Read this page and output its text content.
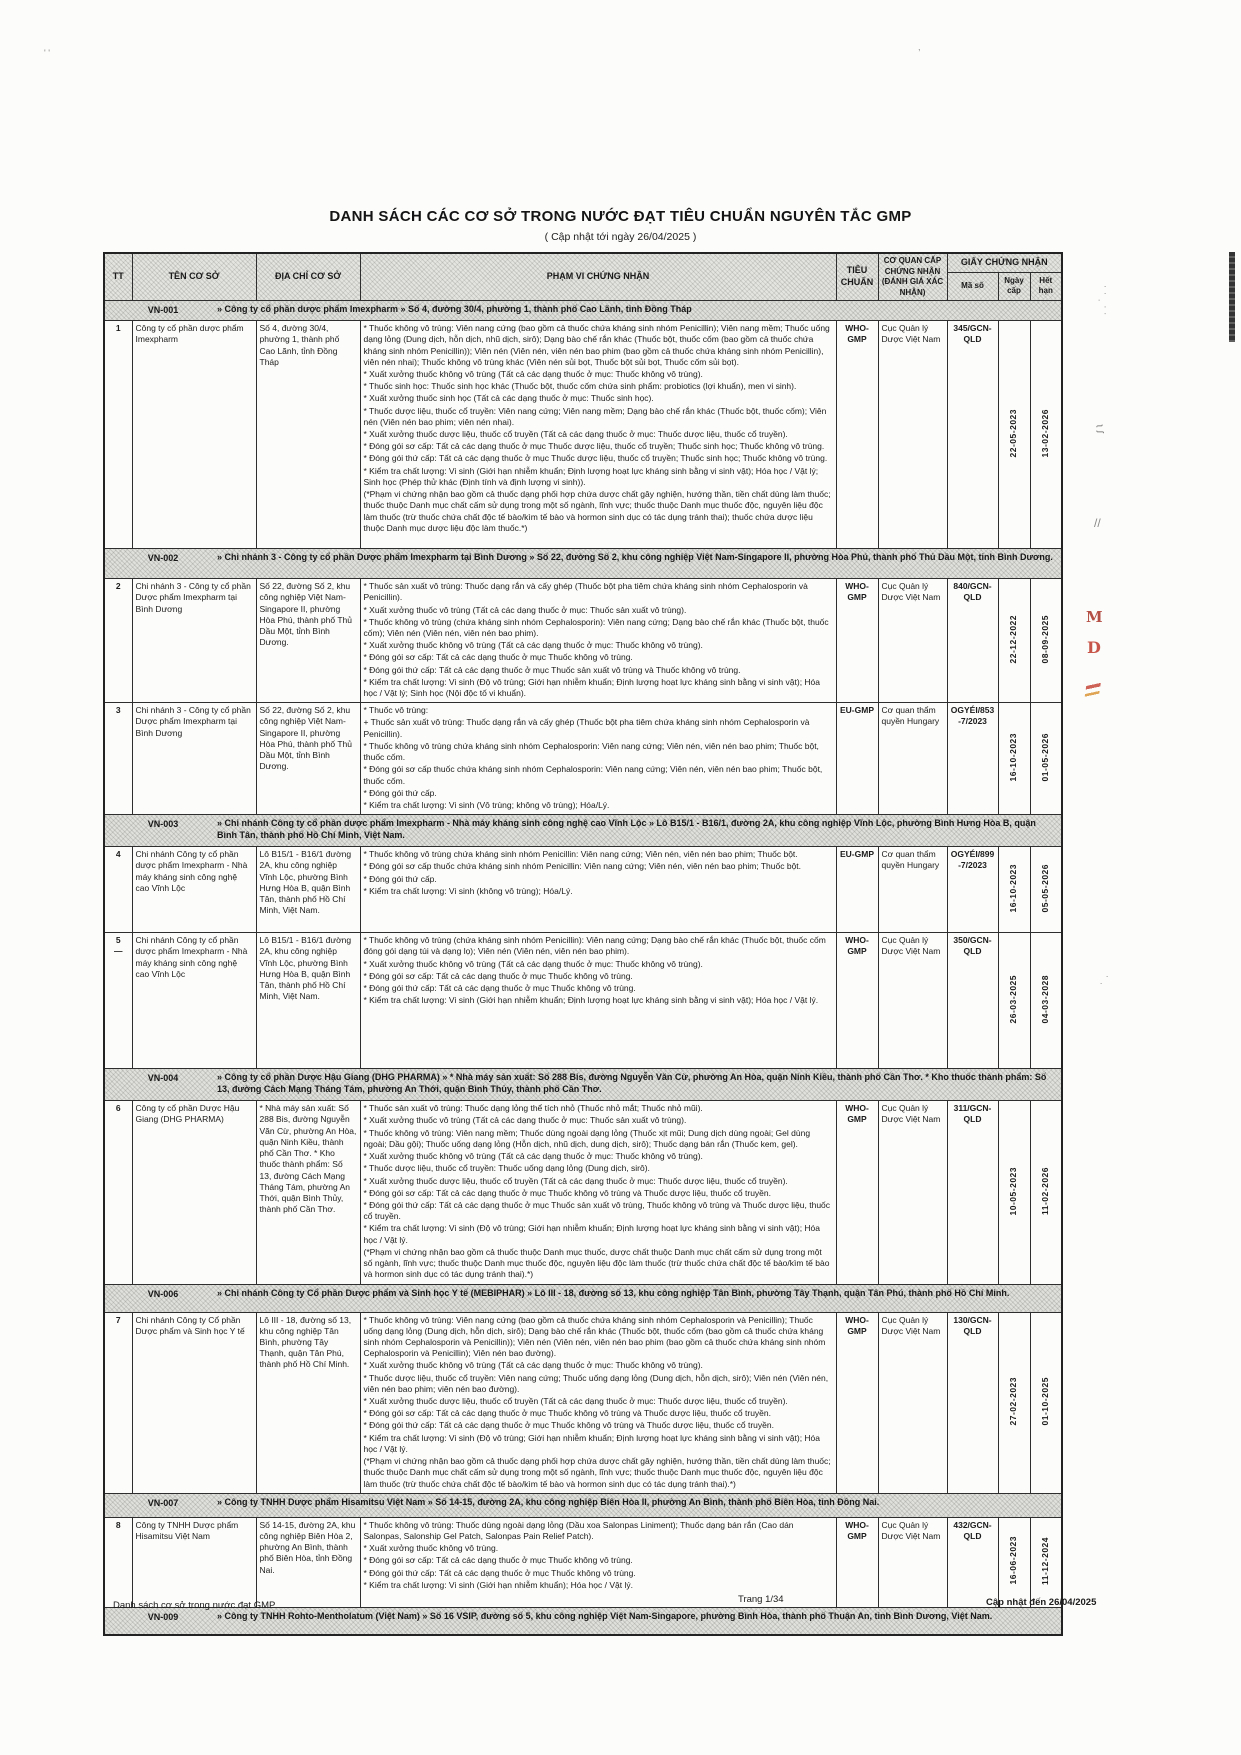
DANH SÁCH CÁC CƠ SỞ TRONG NƯỚC ĐẠT TIÊU CHUẨN NGUYÊN TẮC GMP
( Cập nhật tới ngày 26/04/2025 )
TT	TÊN CƠ SỞ	ĐỊA CHỈ CƠ SỞ	PHẠM VI CHỨNG NHẬN	TIÊU CHUẨN	CƠ QUAN CẤP CHỨNG NHẬN (ĐÁNH GIÁ XÁC NHẬN)	GIẤY CHỨNG NHẬN		
						Mã số	Ngày cấp	Hết hạn

VN-001 » Công ty cổ phần dược phẩm Imexpharm » Số 4, đường 30/4, phường 1, thành phố Cao Lãnh, tỉnh Đồng Tháp								

1	Công ty cổ phần dược phẩm Imexpharm	Số 4, đường 30/4, phường 1, thành phố Cao Lãnh, tỉnh Đồng Tháp	
* Thuốc không vô trùng: Viên nang cứng (bao gồm cả thuốc chứa kháng sinh nhóm Penicillin); Viên nang mềm; Thuốc uống dạng lỏng (Dung dịch, hỗn dịch, nhũ dịch, sirô); Dạng bào chế rắn khác (Thuốc bột, thuốc cốm (bao gồm cả thuốc chứa kháng sinh nhóm Penicillin)); Viên nén (Viên nén, viên nén bao phim (bao gồm cả thuốc chứa kháng sinh nhóm Penicillin), viên nén nhai); Thuốc không vô trùng khác (Viên nén sủi bọt, Thuốc bột sủi bọt, Thuốc cốm sủi bọt).
* Xuất xưởng thuốc không vô trùng (Tất cả các dạng thuốc ở mục: Thuốc không vô trùng).
* Thuốc sinh học: Thuốc sinh học khác (Thuốc bột, thuốc cốm chứa sinh phẩm: probiotics (lợi khuẩn), men vi sinh).
* Xuất xưởng thuốc sinh học (Tất cả các dạng thuốc ở mục: Thuốc sinh học).
* Thuốc dược liệu, thuốc cổ truyền: Viên nang cứng; Viên nang mềm; Dạng bào chế rắn khác (Thuốc bột, thuốc cốm); Viên nén (Viên nén bao phim; viên nén nhai).
* Xuất xưởng thuốc dược liệu, thuốc cổ truyền (Tất cả các dạng thuốc ở mục: Thuốc dược liệu, thuốc cổ truyền).
* Đóng gói sơ cấp: Tất cả các dạng thuốc ở mục Thuốc dược liệu, thuốc cổ truyền; Thuốc sinh học; Thuốc không vô trùng.
* Đóng gói thứ cấp: Tất cả các dạng thuốc ở mục Thuốc dược liệu, thuốc cổ truyền; Thuốc sinh học; Thuốc không vô trùng.
* Kiểm tra chất lượng: Vi sinh (Giới hạn nhiễm khuẩn; Định lượng hoạt lực kháng sinh bằng vi sinh vật); Hóa học / Vật lý; Sinh học (Phép thử khác (Định tính và định lượng vi sinh)).
(*Phạm vi chứng nhận bao gồm cả thuốc dạng phối hợp chứa dược chất gây nghiện, hướng thần, tiền chất dùng làm thuốc; thuốc thuộc Danh mục chất cấm sử dụng trong một số ngành, lĩnh vực; thuốc thuộc Danh mục thuốc độc, nguyên liệu độc làm thuốc (trừ thuốc chứa chất độc tế bào/kìm tế bào và hormon sinh dục có tác dụng tránh thai); thuốc chứa dược liệu thuộc Danh mục dược liệu độc làm thuốc.*)
	WHO-GMP	Cục Quản lý Dược Việt Nam	345/GCN-QLD	22-05-2023	13-02-2026

VN-002 » Chi nhánh 3 - Công ty cổ phần Dược phẩm Imexpharm tại Bình Dương » Số 22, đường Số 2, khu công nghiệp Việt Nam-Singapore II, phường Hòa Phú, thành phố Thủ Dầu Một, tỉnh Bình Dương.								

2	Chi nhánh 3 - Công ty cổ phần Dược phẩm Imexpharm tại Bình Dương	Số 22, đường Số 2, khu công nghiệp Việt Nam-Singapore II, phường Hòa Phú, thành phố Thủ Dầu Một, tỉnh Bình Dương.	
* Thuốc sản xuất vô trùng: Thuốc dạng rắn và cấy ghép (Thuốc bột pha tiêm chứa kháng sinh nhóm Cephalosporin và Penicillin).
* Xuất xưởng thuốc vô trùng (Tất cả các dạng thuốc ở mục: Thuốc sản xuất vô trùng).
* Thuốc không vô trùng (chứa kháng sinh nhóm Cephalosporin): Viên nang cứng; Dạng bào chế rắn khác (Thuốc bột, thuốc cốm); Viên nén (Viên nén, viên nén bao phim).
* Xuất xưởng thuốc không vô trùng (Tất cả các dạng thuốc ở mục: Thuốc không vô trùng).
* Đóng gói sơ cấp: Tất cả các dạng thuốc ở mục Thuốc không vô trùng.
* Đóng gói thứ cấp: Tất cả các dạng thuốc ở mục Thuốc sản xuất vô trùng và Thuốc không vô trùng.
* Kiểm tra chất lượng: Vi sinh (Độ vô trùng; Giới hạn nhiễm khuẩn; Định lượng hoạt lực kháng sinh bằng vi sinh vật); Hóa học / Vật lý; Sinh học (Nội độc tố vi khuẩn).
	WHO-GMP	Cục Quản lý Dược Việt Nam	840/GCN-QLD	22-12-2022	08-09-2025
3	Chi nhánh 3 - Công ty cổ phần Dược phẩm Imexpharm tại Bình Dương	Số 22, đường Số 2, khu công nghiệp Việt Nam-Singapore II, phường Hòa Phú, thành phố Thủ Dầu Một, tỉnh Bình Dương.	
* Thuốc vô trùng:
+ Thuốc sản xuất vô trùng: Thuốc dạng rắn và cấy ghép (Thuốc bột pha tiêm chứa kháng sinh nhóm Cephalosporin và Penicillin).
* Thuốc không vô trùng chứa kháng sinh nhóm Cephalosporin: Viên nang cứng; Viên nén, viên nén bao phim; Thuốc bột, thuốc cốm.
* Đóng gói sơ cấp thuốc chứa kháng sinh nhóm Cephalosporin: Viên nang cứng; Viên nén, viên nén bao phim; Thuốc bột, thuốc cốm.
* Đóng gói thứ cấp.
* Kiểm tra chất lượng: Vi sinh (Vô trùng; không vô trùng); Hóa/Lý.
	EU-GMP	Cơ quan thẩm quyền Hungary	OGYÉI/853-7/2023	16-10-2023	01-05-2026

VN-003 » Chi nhánh Công ty cổ phần dược phẩm Imexpharm - Nhà máy kháng sinh công nghệ cao Vĩnh Lộc » Lô B15/1 - B16/1, đường 2A, khu công nghiệp Vĩnh Lộc, phường Bình Hưng Hòa B, quận Bình Tân, thành phố Hồ Chí Minh, Việt Nam.								

4	Chi nhánh Công ty cổ phần dược phẩm Imexpharm - Nhà máy kháng sinh công nghệ cao Vĩnh Lộc	Lô B15/1 - B16/1 đường 2A, khu công nghiệp Vĩnh Lộc, phường Bình Hưng Hòa B, quận Bình Tân, thành phố Hồ Chí Minh, Việt Nam.	* Thuốc không vô trùng chứa kháng sinh nhóm Penicillin: Viên nang cứng; Viên nén, viên nén bao phim; Thuốc bột.
* Đóng gói sơ cấp thuốc chứa kháng sinh nhóm Penicillin: Viên nang cứng; Viên nén, viên nén bao phim; Thuốc bột.
* Đóng gói thứ cấp.
* Kiểm tra chất lượng: Vi sinh (không vô trùng); Hóa/Lý.	EU-GMP	Cơ quan thẩm quyền Hungary	OGYÉI/899-7/2023	16-10-2023	05-05-2026
5
—
	Chi nhánh Công ty cổ phần dược phẩm Imexpharm - Nhà máy kháng sinh công nghệ cao Vĩnh Lộc	Lô B15/1 - B16/1 đường 2A, khu công nghiệp Vĩnh Lộc, phường Bình Hưng Hòa B, quận Bình Tân, thành phố Hồ Chí Minh, Việt Nam.	
* Thuốc không vô trùng (chứa kháng sinh nhóm Penicillin): Viên nang cứng; Dạng bào chế rắn khác (Thuốc bột, thuốc cốm đóng gói dạng túi và dạng lọ); Viên nén (Viên nén, viên nén bao phim).
* Xuất xưởng thuốc không vô trùng (Tất cả các dạng thuốc ở mục: Thuốc không vô trùng).
* Đóng gói sơ cấp: Tất cả các dạng thuốc ở mục Thuốc không vô trùng.
* Đóng gói thứ cấp: Tất cả các dạng thuốc ở mục Thuốc không vô trùng.
* Kiểm tra chất lượng: Vi sinh (Giới hạn nhiễm khuẩn; Định lượng hoạt lực kháng sinh bằng vi sinh vật); Hóa học / Vật lý.
	WHO-GMP	Cục Quản lý Dược Việt Nam	350/GCN-QLD	26-03-2025	04-03-2028

VN-004 » Công ty cổ phần Dược Hậu Giang (DHG PHARMA) » * Nhà máy sản xuất: Số 288 Bis, đường Nguyễn Văn Cừ, phường An Hòa, quận Ninh Kiều, thành phố Cần Thơ. * Kho thuốc thành phẩm: Số 13, đường Cách Mạng Tháng Tám, phường An Thới, quận Bình Thủy, thành phố Cần Thơ.								

6	Công ty cổ phần Dược Hậu Giang (DHG PHARMA)	* Nhà máy sản xuất: Số 288 Bis, đường Nguyễn Văn Cừ, phường An Hòa, quận Ninh Kiều, thành phố Cần Thơ. * Kho thuốc thành phẩm: Số 13, đường Cách Mạng Tháng Tám, phường An Thới, quận Bình Thủy, thành phố Cần Thơ.	
* Thuốc sản xuất vô trùng: Thuốc dạng lỏng thể tích nhỏ (Thuốc nhỏ mắt; Thuốc nhỏ mũi).
* Xuất xưởng thuốc vô trùng (Tất cả các dạng thuốc ở mục: Thuốc sản xuất vô trùng).
* Thuốc không vô trùng: Viên nang mềm; Thuốc dùng ngoài dạng lỏng (Thuốc xịt mũi; Dung dịch dùng ngoài; Gel dùng ngoài; Dầu gội); Thuốc uống dạng lỏng (Hỗn dịch, nhũ dịch, dung dịch, sirô); Thuốc dạng bán rắn (Thuốc kem, gel).
* Xuất xưởng thuốc không vô trùng (Tất cả các dạng thuốc ở mục: Thuốc không vô trùng).
* Thuốc dược liệu, thuốc cổ truyền: Thuốc uống dạng lỏng (Dung dịch, sirô).
* Xuất xưởng thuốc dược liệu, thuốc cổ truyền (Tất cả các dạng thuốc ở mục: Thuốc dược liệu, thuốc cổ truyền).
* Đóng gói sơ cấp: Tất cả các dạng thuốc ở mục Thuốc không vô trùng và Thuốc dược liệu, thuốc cổ truyền.
* Đóng gói thứ cấp: Tất cả các dạng thuốc ở mục Thuốc sản xuất vô trùng, Thuốc không vô trùng và Thuốc dược liệu, thuốc cổ truyền.
* Kiểm tra chất lượng: Vi sinh (Độ vô trùng; Giới hạn nhiễm khuẩn; Định lượng hoạt lực kháng sinh bằng vi sinh vật); Hóa học / Vật lý.
(*Phạm vi chứng nhận bao gồm cả thuốc thuộc Danh mục thuốc, dược chất thuộc Danh mục chất cấm sử dụng trong một số ngành, lĩnh vực; thuốc thuộc Danh mục thuốc độc, nguyên liệu độc làm thuốc (trừ thuốc chứa chất độc tế bào/kìm tế bào và hormon sinh dục có tác dụng tránh thai).*)
	WHO-GMP	Cục Quản lý Dược Việt Nam	311/GCN-QLD	10-05-2023	11-02-2026

VN-006 » Chi nhánh Công ty Cổ phần Dược phẩm và Sinh học Y tế (MEBIPHAR) » Lô III - 18, đường số 13, khu công nghiệp Tân Bình, phường Tây Thạnh, quận Tân Phú, thành phố Hồ Chí Minh.								

7	Chi nhánh Công ty Cổ phần Dược phẩm và Sinh học Y tế	Lô III - 18, đường số 13, khu công nghiệp Tân Bình, phường Tây Thạnh, quận Tân Phú, thành phố Hồ Chí Minh.	
* Thuốc không vô trùng: Viên nang cứng (bao gồm cả thuốc chứa kháng sinh nhóm Cephalosporin và Penicillin); Thuốc uống dạng lỏng (Dung dịch, hỗn dịch, sirô); Dạng bào chế rắn khác (Thuốc bột, thuốc cốm (bao gồm cả thuốc chứa kháng sinh nhóm Cephalosporin và Penicillin)); Viên nén (Viên nén, viên nén bao phim (bao gồm cả thuốc chứa kháng sinh nhóm Cephalosporin và Penicillin); Viên nén bao đường).
* Xuất xưởng thuốc không vô trùng (Tất cả các dạng thuốc ở mục: Thuốc không vô trùng).
* Thuốc dược liệu, thuốc cổ truyền: Viên nang cứng; Thuốc uống dạng lỏng (Dung dịch, hỗn dịch, sirô); Viên nén (Viên nén, viên nén bao phim; viên nén bao đường).
* Xuất xưởng thuốc dược liệu, thuốc cổ truyền (Tất cả các dạng thuốc ở mục: Thuốc dược liệu, thuốc cổ truyền).
* Đóng gói sơ cấp: Tất cả các dạng thuốc ở mục Thuốc không vô trùng và Thuốc dược liệu, thuốc cổ truyền.
* Đóng gói thứ cấp: Tất cả các dạng thuốc ở mục Thuốc không vô trùng và Thuốc dược liệu, thuốc cổ truyền.
* Kiểm tra chất lượng: Vi sinh (Độ vô trùng; Giới hạn nhiễm khuẩn; Định lượng hoạt lực kháng sinh bằng vi sinh vật); Hóa học / Vật lý.
(*Phạm vi chứng nhận bao gồm cả thuốc dạng phối hợp chứa dược chất gây nghiện, hướng thần, tiền chất dùng làm thuốc; thuốc thuộc Danh mục chất cấm sử dụng trong một số ngành, lĩnh vực; thuốc thuộc Danh mục thuốc độc, nguyên liệu độc làm thuốc (trừ thuốc chứa chất độc tế bào/kìm tế bào và hormon sinh dục có tác dụng tránh thai).*)
	WHO-GMP	Cục Quản lý Dược Việt Nam	130/GCN-QLD	27-02-2023	01-10-2025

VN-007 » Công ty TNHH Dược phẩm Hisamitsu Việt Nam » Số 14-15, đường 2A, khu công nghiệp Biên Hòa II, phường An Bình, thành phố Biên Hòa, tỉnh Đồng Nai.								

8	Công ty TNHH Dược phẩm Hisamitsu Việt Nam	Số 14-15, đường 2A, khu công nghiệp Biên Hòa 2, phường An Bình, thành phố Biên Hòa, tỉnh Đồng Nai.	* Thuốc không vô trùng: Thuốc dùng ngoài dạng lỏng (Dầu xoa Salonpas Liniment); Thuốc dạng bán rắn (Cao dán Salonpas, Salonship Gel Patch, Salonpas Pain Relief Patch).
* Xuất xưởng thuốc không vô trùng.
* Đóng gói sơ cấp: Tất cả các dạng thuốc ở mục Thuốc không vô trùng.
* Đóng gói thứ cấp: Tất cả các dạng thuốc ở mục Thuốc không vô trùng.
* Kiểm tra chất lượng: Vi sinh (Giới hạn nhiễm khuẩn); Hóa học / Vật lý.	WHO-GMP	Cục Quản lý Dược Việt Nam	432/GCN-QLD	16-06-2023	11-12-2024

VN-009 » Công ty TNHH Rohto-Mentholatum (Việt Nam) » Số 16 VSIP, đường số 5, khu công nghiệp Việt Nam-Singapore, phường Bình Hòa, thành phố Thuận An, tỉnh Bình Dương, Việt Nam.								
Danh sách cơ sở trong nước đạt GMP
Trang 1/34	Cập nhật đến 26/04/2025
ʹ ʹ
,
ˈ ˈ ˌ ˈ ˈ
ʅ ʃ
//
M
D
ˈ ˌ
